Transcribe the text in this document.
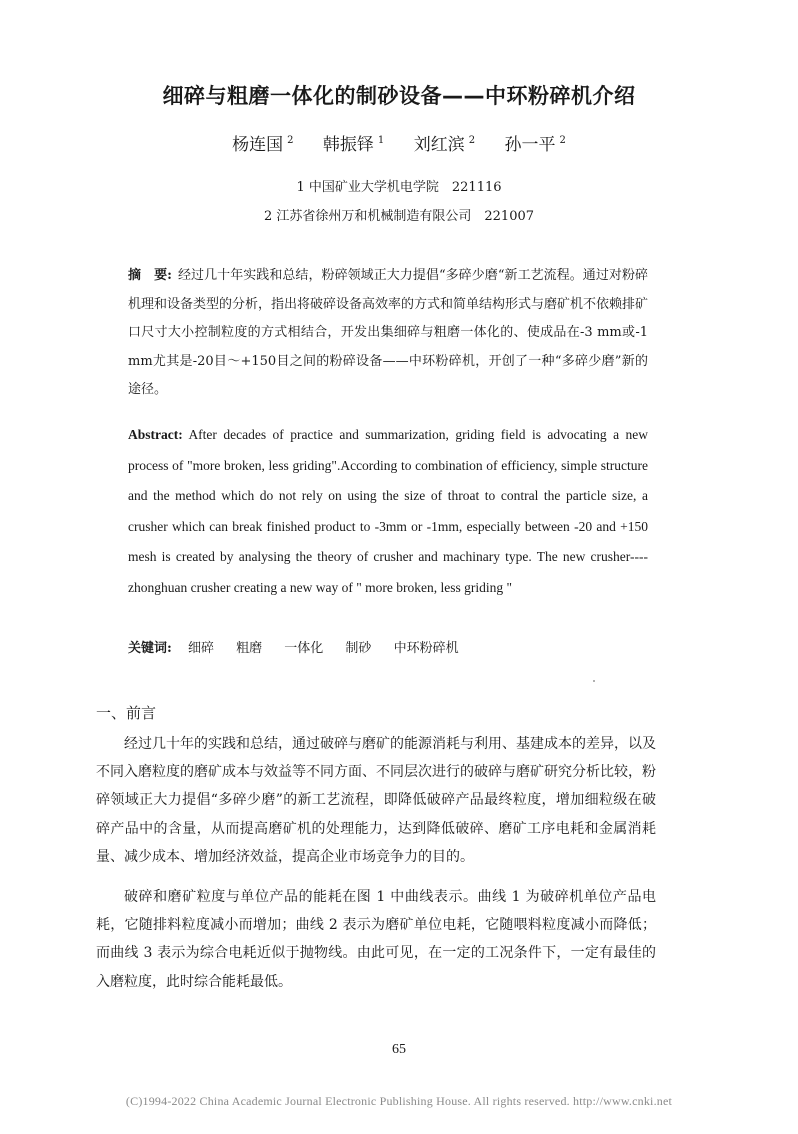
细碎与粗磨一体化的制砂设备——中环粉碎机介绍
杨连国 $^2$ 韩振铎 $^1$ 刘红滨 $^2$ 孙一平 $^2$
1 中国矿业大学机电学院　221116
2 江苏省徐州万和机械制造有限公司　221007
摘　要: 经过几十年实践和总结，粉碎领域正大力提倡“多碎少磨“新工艺流程。通过对粉碎机理和设备类型的分析，指出将破碎设备高效率的方式和简单结构形式与磨矿机不依赖排矿口尺寸大小控制粒度的方式相结合，开发出集细碎与粗磨一体化的、使成品在-3 mm或-1 mm尤其是-20目～+150目之间的粉碎设备——中环粉碎机，开创了一种“多碎少磨”新的途径。
Abstract: After decades of practice and summarization, griding field is advocating a new process of "more broken, less griding".According to combination of efficiency, simple structure and the method which do not rely on using the size of throat to contral the particle size, a crusher which can break finished product to -3mm or -1mm, especially between -20 and +150 mesh is created by analysing the theory of crusher and machinary type. The new crusher----zhonghuan crusher creating a new way of " more broken, less griding "
关键词: 细碎 粗磨 一体化 制砂 中环粉碎机
一、前言
经过几十年的实践和总结，通过破碎与磨矿的能源消耗与利用、基建成本的差异，以及不同入磨粒度的磨矿成本与效益等不同方面、不同层次进行的破碎与磨矿研究分析比较，粉碎领域正大力提倡“多碎少磨”的新工艺流程，即降低破碎产品最终粒度，增加细粒级在破碎产品中的含量，从而提高磨矿机的处理能力，达到降低破碎、磨矿工序电耗和金属消耗量、减少成本、增加经济效益，提高企业市场竞争力的目的。
破碎和磨矿粒度与单位产品的能耗在图 1 中曲线表示。曲线 1 为破碎机单位产品电耗，它随排料粒度减小而增加；曲线 2 表示为磨矿单位电耗，它随喂料粒度减小而降低；而曲线 3 表示为综合电耗近似于抛物线。由此可见，在一定的工况条件下，一定有最佳的入磨粒度，此时综合能耗最低。
65
(C)1994-2022 China Academic Journal Electronic Publishing House. All rights reserved. http://www.cnki.net
